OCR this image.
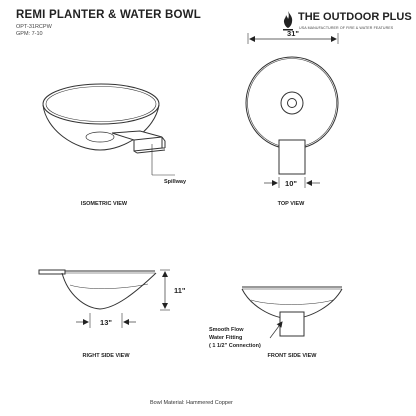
REMI PLANTER & WATER BOWL
OPT-31RCPW
GPM: 7-10
THE OUTDOOR PLUS
USA MANUFACTURER OF FIRE & WATER FEATURES
Spillway
ISOMETRIC VIEW
31"
10"
TOP VIEW
11"
13"
RIGHT SIDE VIEW
Smooth Flow
Water Fitting
( 1 1/2" Connection)
FRONT SIDE VIEW
Bowl Material: Hammered Copper
